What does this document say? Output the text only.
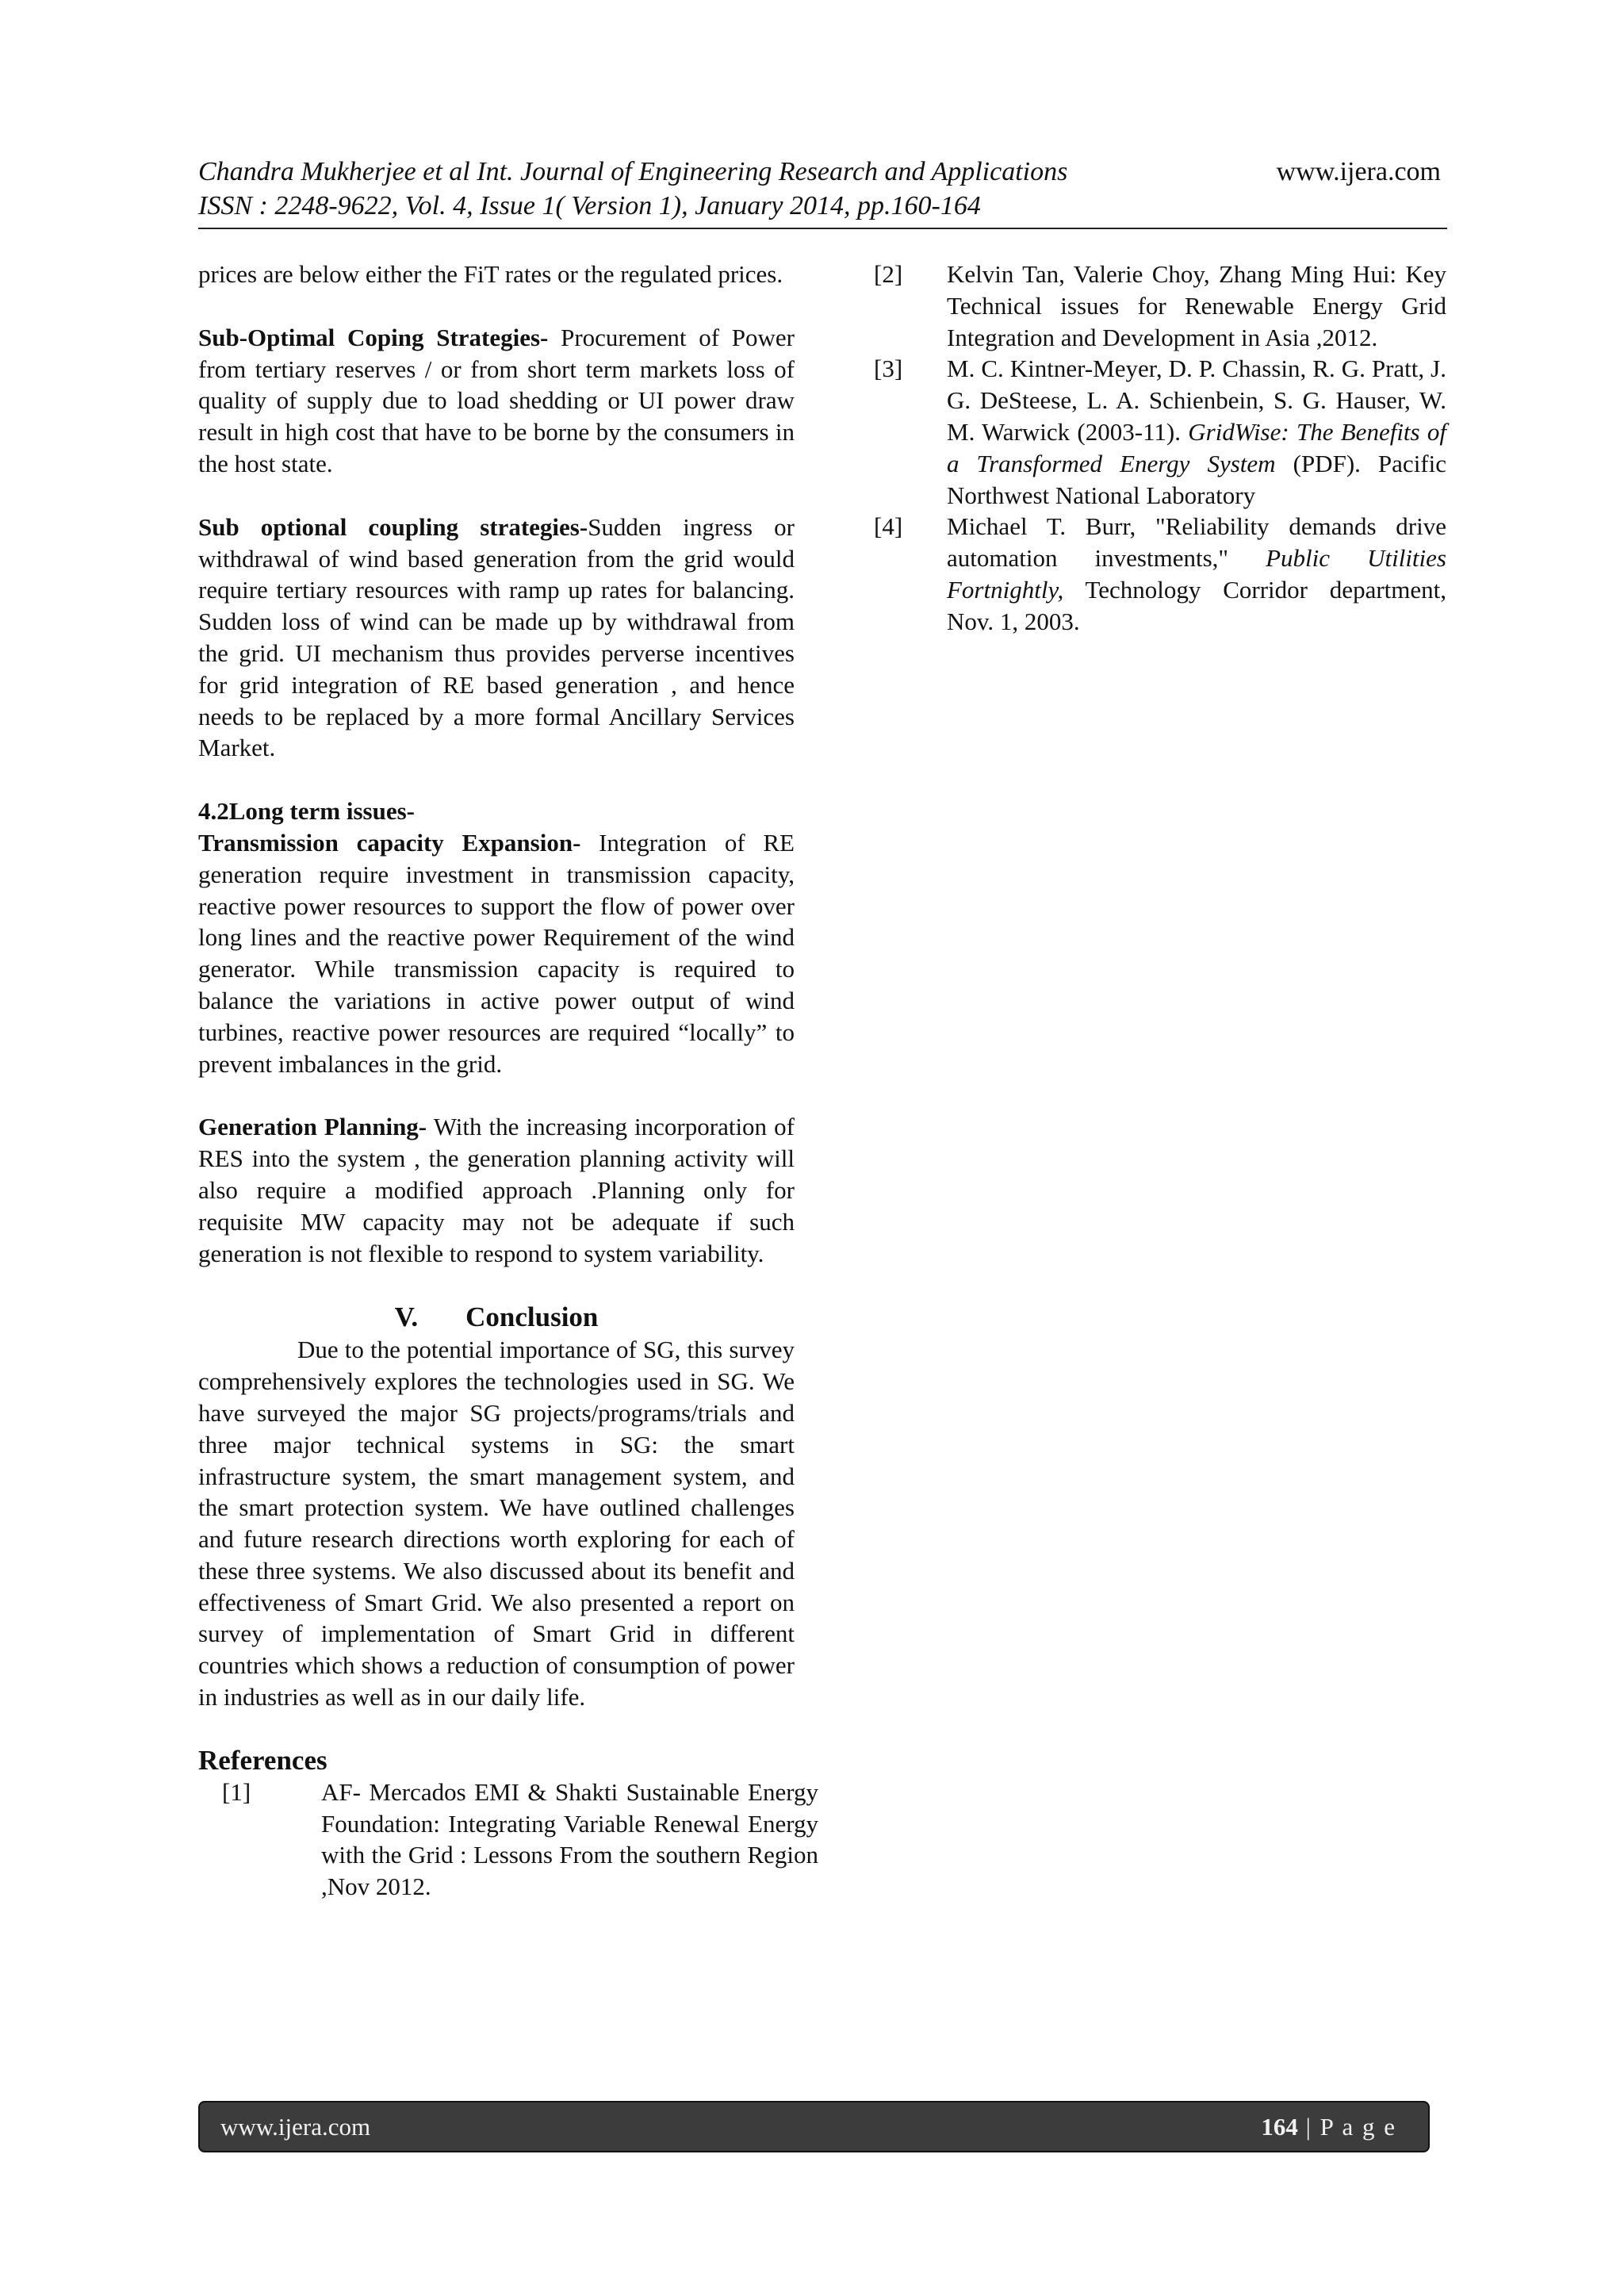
Chandra Mukherjee et al Int. Journal of Engineering Research and Applications	www.ijera.com
ISSN : 2248-9622, Vol. 4, Issue 1( Version 1), January 2014, pp.160-164

prices are below either the FiT rates or the regulated prices.

Sub-Optimal Coping Strategies- Procurement of Power from tertiary reserves / or from short term markets loss of quality of supply due to load shedding or UI power draw result in high cost that have to be borne by the consumers in the host state.

Sub optional coupling strategies-Sudden ingress or withdrawal of wind based generation from the grid would require tertiary resources with ramp up rates for balancing. Sudden loss of wind can be made up by withdrawal from the grid. UI mechanism thus provides perverse incentives for grid integration of RE based generation , and hence needs to be replaced by a more formal Ancillary Services Market.

4.2Long term issues-

Transmission capacity Expansion- Integration of RE generation require investment in transmission capacity, reactive power resources to support the flow of power over long lines and the reactive power Requirement of the wind generator. While transmission capacity is required to balance the variations in active power output of wind turbines, reactive power resources are required “locally” to prevent imbalances in the grid.

Generation Planning- With the increasing incorporation of RES into the system , the generation planning activity will also require a modified approach .Planning only for requisite MW capacity may not be adequate if such generation is not flexible to respond to system variability.

V. Conclusion

Due to the potential importance of SG, this survey comprehensively explores the technologies used in SG. We have surveyed the major SG projects/programs/trials and three major technical systems in SG: the smart infrastructure system, the smart management system, and the smart protection system. We have outlined challenges and future research directions worth exploring for each of these three systems. We also discussed about its benefit and effectiveness of Smart Grid. We also presented a report on survey of implementation of Smart Grid in different countries which shows a reduction of consumption of power in industries as well as in our daily life.

References
[1]	AF- Mercados EMI & Shakti Sustainable Energy Foundation: Integrating Variable Renewal Energy with the Grid : Lessons From the southern Region ,Nov 2012.
[2]	Kelvin Tan, Valerie Choy, Zhang Ming Hui: Key Technical issues for Renewable Energy Grid Integration and Development in Asia ,2012.
[3]	M. C. Kintner-Meyer, D. P. Chassin, R. G. Pratt, J. G. DeSteese, L. A. Schienbein, S. G. Hauser, W. M. Warwick (2003-11). GridWise: The Benefits of a Transformed Energy System (PDF). Pacific Northwest National Laboratory
[4]	Michael T. Burr, "Reliability demands drive automation investments," Public Utilities Fortnightly, Technology Corridor department, Nov. 1, 2003.
www.ijera.com	164 | P a g e
